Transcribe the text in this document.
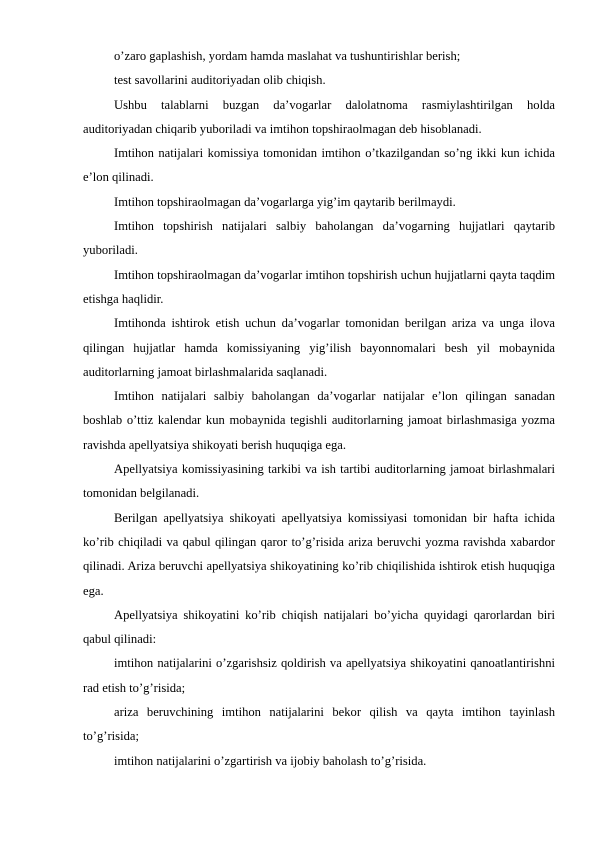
o’zaro gaplashish, yordam hamda maslahat va tushuntirishlar berish;

test savollarini auditoriyadan olib chiqish.

Ushbu talablarni buzgan da’vogarlar dalolatnoma rasmiylashtirilgan holda auditoriyadan chiqarib yuboriladi va imtihon topshiraolmagan deb hisoblanadi.

Imtihon natijalari komissiya tomonidan imtihon o’tkazilgandan so’ng ikki kun ichida e’lon qilinadi.

Imtihon topshiraolmagan da’vogarlarga yig’im qaytarib berilmaydi.

Imtihon topshirish natijalari salbiy baholangan da’vogarning hujjatlari qaytarib yuboriladi.

Imtihon topshiraolmagan da’vogarlar imtihon topshirish uchun hujjatlarni qayta taqdim etishga haqlidir.

Imtihonda ishtirok etish uchun da’vogarlar tomonidan berilgan ariza va unga ilova qilingan hujjatlar hamda komissiyaning yig’ilish bayonnomalari besh yil mobaynida auditorlarning jamoat birlashmalarida saqlanadi.

Imtihon natijalari salbiy baholangan da’vogarlar natijalar e’lon qilingan sanadan boshlab o’ttiz kalendar kun mobaynida tegishli auditorlarning jamoat birlashmasiga yozma ravishda apellyatsiya shikoyati berish huquqiga ega.

Apellyatsiya komissiyasining tarkibi va ish tartibi auditorlarning jamoat birlashmalari tomonidan belgilanadi.

Berilgan apellyatsiya shikoyati apellyatsiya komissiyasi tomonidan bir hafta ichida ko’rib chiqiladi va qabul qilingan qaror to’g’risida ariza beruvchi yozma ravishda xabardor qilinadi. Ariza beruvchi apellyatsiya shikoyatining ko’rib chiqilishida ishtirok etish huquqiga ega.

Apellyatsiya shikoyatini ko’rib chiqish natijalari bo’yicha quyidagi qarorlardan biri qabul qilinadi:

imtihon natijalarini o’zgarishsiz qoldirish va apellyatsiya shikoyatini qanoatlantirishni rad etish to’g’risida;

ariza beruvchining imtihon natijalarini bekor qilish va qayta imtihon tayinlash to’g’risida;

imtihon natijalarini o’zgartirish va ijobiy baholash to’g’risida.
